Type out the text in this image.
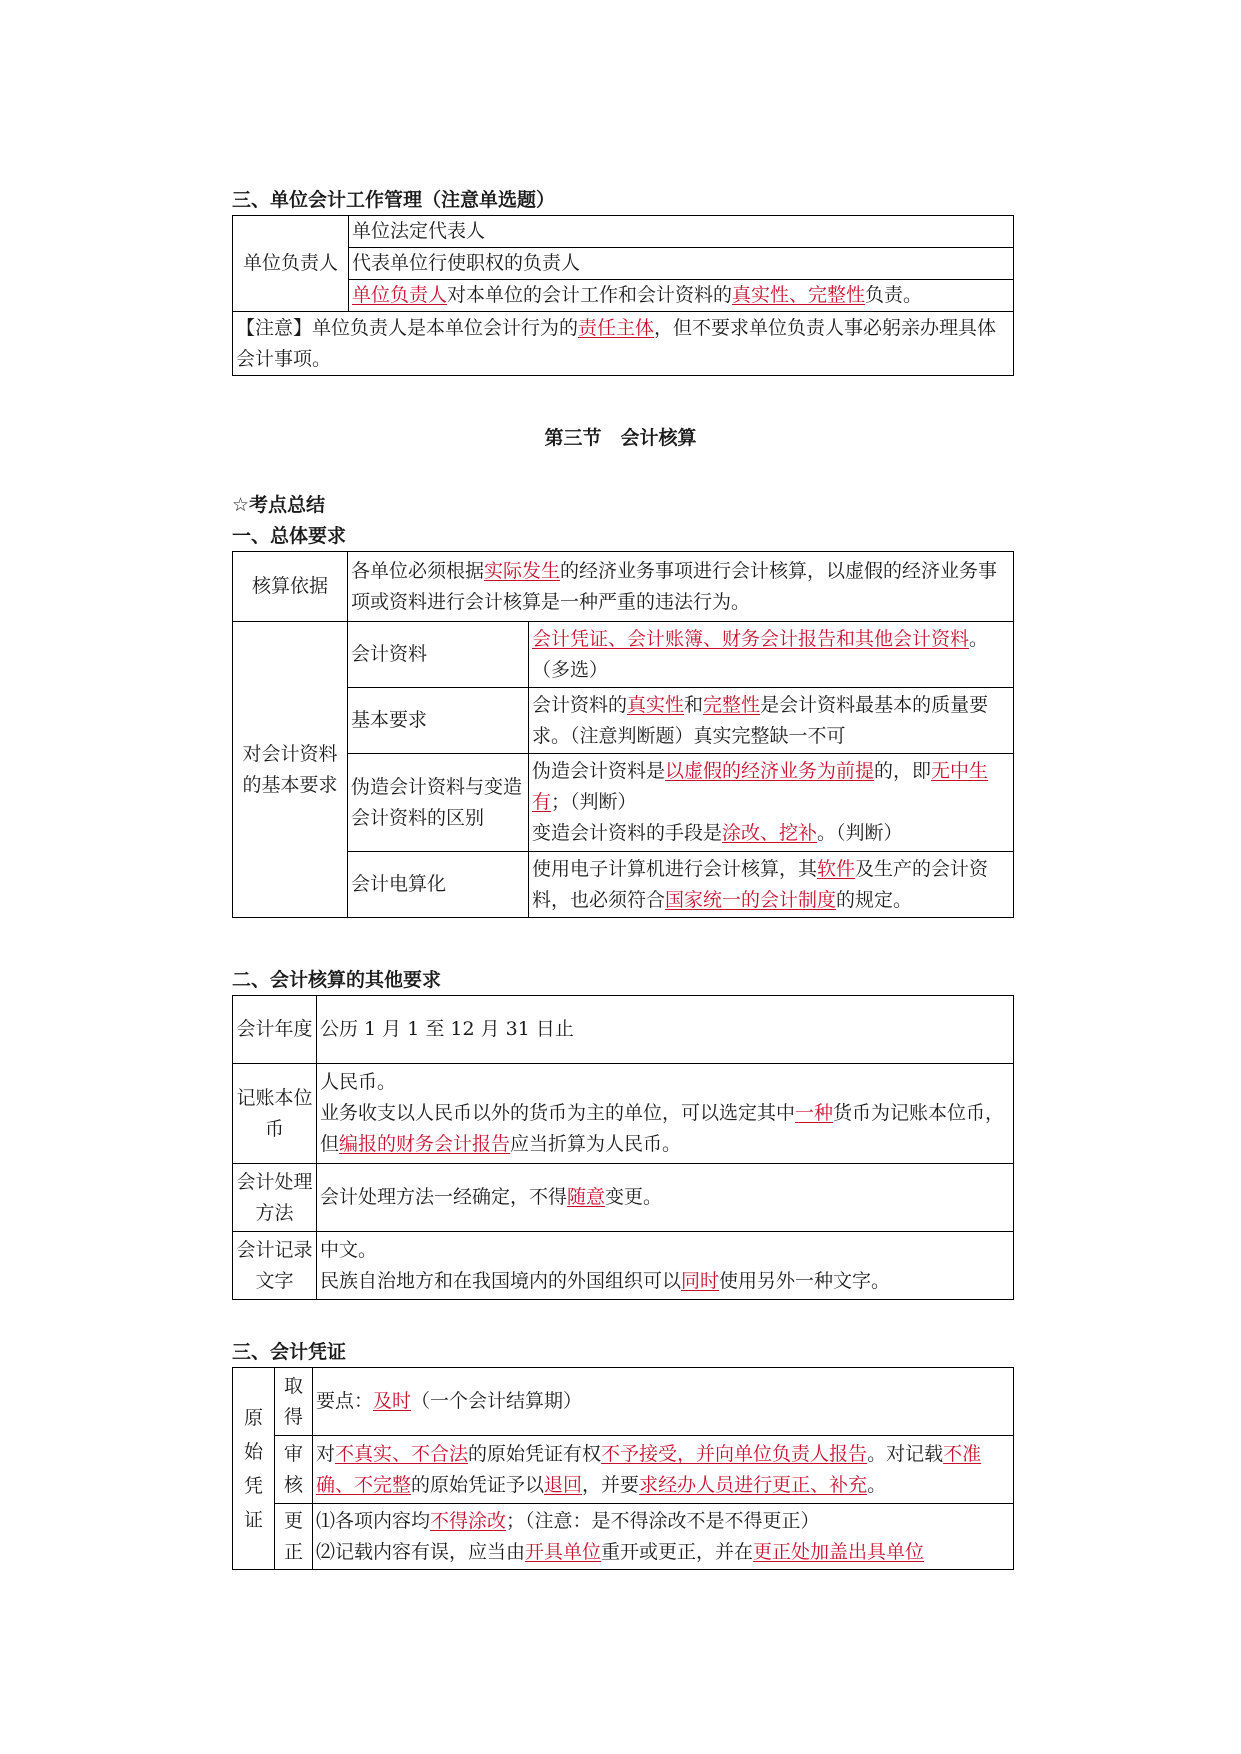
三、单位会计工作管理（注意单选题）
单位负责人	单位法定代表人
代表单位行使职权的负责人
单位负责人对本单位的会计工作和会计资料的真实性、完整性负责。
【注意】单位负责人是本单位会计行为的责任主体，但不要求单位负责人事必躬亲办理具体会计事项。
第三节　会计核算
☆考点总结
一、总体要求
核算依据	各单位必须根据实际发生的经济业务事项进行会计核算，以虚假的经济业务事项或资料进行会计核算是一种严重的违法行为。	
对会计资料的基本要求	会计资料	会计凭证、会计账簿、财务会计报告和其他会计资料。（多选）
	基本要求	会计资料的真实性和完整性是会计资料最基本的质量要求。（注意判断题）真实完整缺一不可
	伪造会计资料与变造会计资料的区别	伪造会计资料是以虚假的经济业务为前提的，即无中生有；（判断）
变造会计资料的手段是涂改、挖补。（判断）

	会计电算化	使用电子计算机进行会计核算，其软件及生产的会计资料，也必须符合国家统一的会计制度的规定。
二、会计核算的其他要求
会计年度	公历 1 月 1 至 12 月 31 日止
记账本位币	人民币。
业务收支以人民币以外的货币为主的单位，可以选定其中一种货币为记账本位币，但编报的财务会计报告应当折算为人民币。

会计处理方法	会计处理方法一经确定，不得随意变更。
会计记录文字	中文。
民族自治地方和在我国境内的外国组织可以同时使用另外一种文字。
三、会计凭证
原始凭证	取得	要点：及时（一个会计结算期）
	审核	对不真实、不合法的原始凭证有权不予接受，并向单位负责人报告。对记载不准确、不完整的原始凭证予以退回，并要求经办人员进行更正、补充。
	更正	⑴各项内容均不得涂改；（注意：是不得涂改不是不得更正）
⑵记载内容有误，应当由开具单位重开或更正，并在更正处加盖出具单位
